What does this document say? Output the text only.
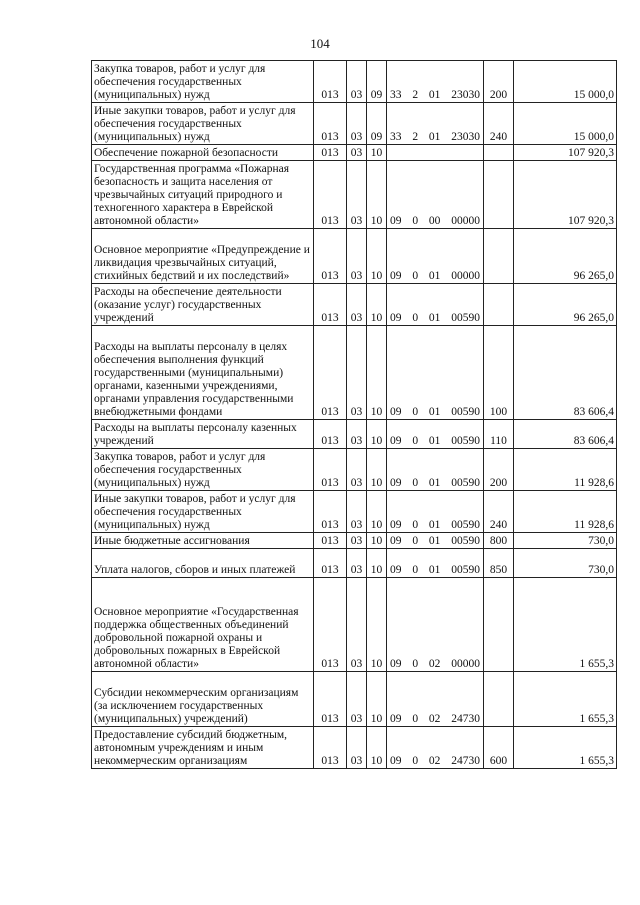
104
Закупка товаров, работ и услуг для обеспечения государственных (муниципальных) нужд	013	03	09	33 2 01 23030	200	15 000,0
Иные закупки товаров, работ и услуг для обеспечения государственных (муниципальных) нужд	013	03	09	33 2 01 23030	240	15 000,0
Обеспечение пожарной безопасности	013	03	10			107 920,3
Государственная программа «Пожарная безопасность и защита населения от чрезвычайных ситуаций природного и техногенного характера в Еврейской автономной области»	013	03	10	09 0 00 00000		107 920,3
Основное мероприятие «Предупреждение и ликвидация чрезвычайных ситуаций, стихийных бедствий и их последствий»	013	03	10	09 0 01 00000		96 265,0
Расходы на обеспечение деятельности (оказание услуг) государственных учреждений	013	03	10	09 0 01 00590		96 265,0
Расходы на выплаты персоналу в целях обеспечения выполнения функций государственными (муниципальными) органами, казенными учреждениями, органами управления государственными внебюджетными фондами	013	03	10	09 0 01 00590	100	83 606,4
Расходы на выплаты персоналу казенных учреждений	013	03	10	09 0 01 00590	110	83 606,4
Закупка товаров, работ и услуг для обеспечения государственных (муниципальных) нужд	013	03	10	09 0 01 00590	200	11 928,6
Иные закупки товаров, работ и услуг для обеспечения государственных (муниципальных) нужд	013	03	10	09 0 01 00590	240	11 928,6
Иные бюджетные ассигнования	013	03	10	09 0 01 00590	800	730,0
Уплата налогов, сборов и иных платежей	013	03	10	09 0 01 00590	850	730,0
Основное мероприятие «Государственная поддержка общественных объединений добровольной пожарной охраны и добровольных пожарных в Еврейской автономной области»	013	03	10	09 0 02 00000		1 655,3
Субсидии некоммерческим организациям (за исключением государственных (муниципальных) учреждений)	013	03	10	09 0 02 24730		1 655,3
Предоставление субсидий бюджетным, автономным учреждениям и иным некоммерческим организациям	013	03	10	09 0 02 24730	600	1 655,3
